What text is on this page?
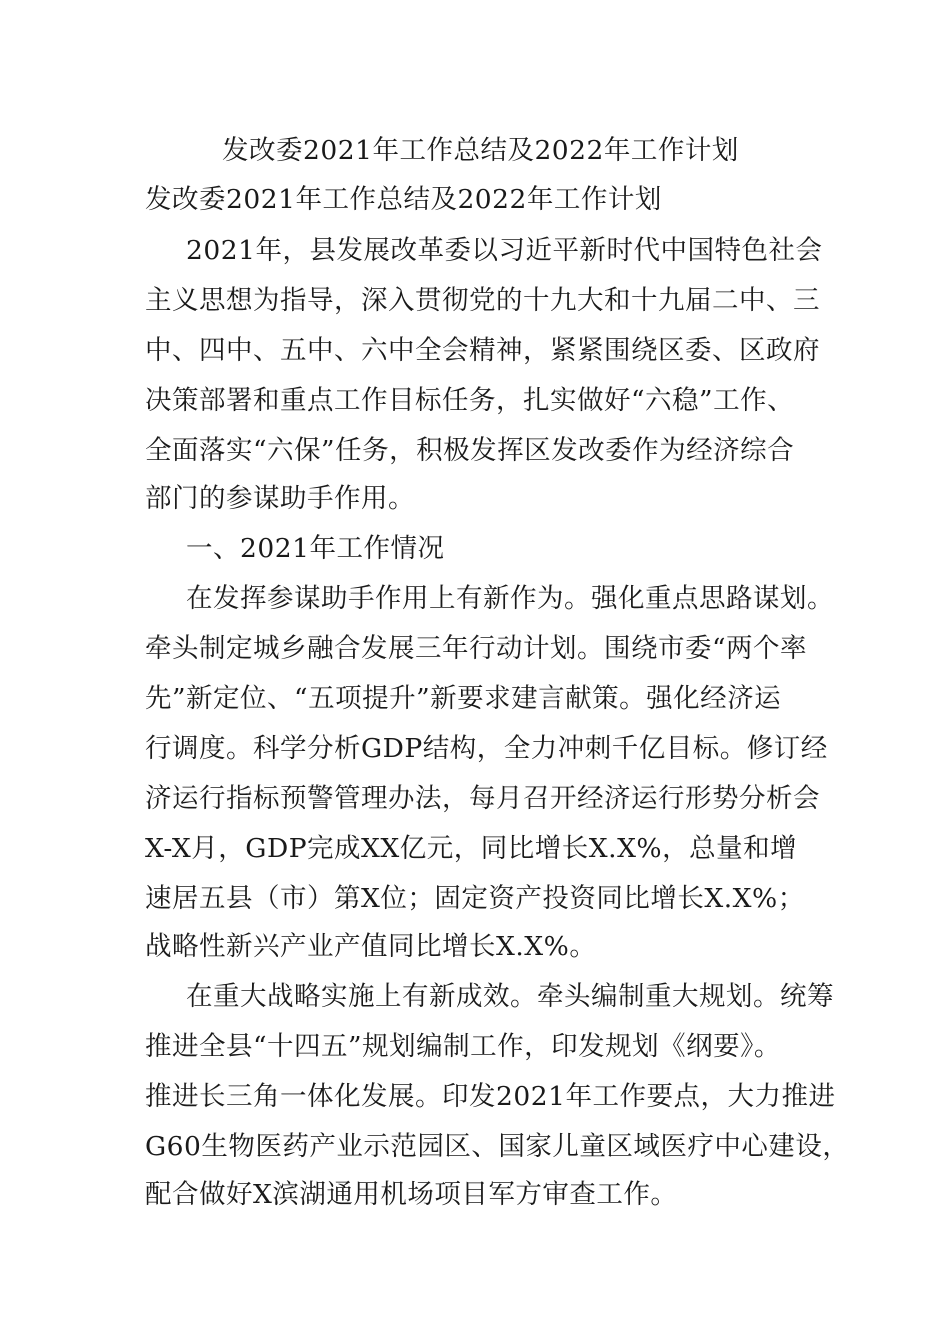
发改委2021年工作总结及2022年工作计划
发改委2021年工作总结及2022年工作计划
2021年，县发展改革委以习近平新时代中国特色社会
主义思想为指导，深入贯彻党的十九大和十九届二中、三
中、四中、五中、六中全会精神，紧紧围绕区委、区政府
决策部署和重点工作目标任务，扎实做好“六稳”工作、
全面落实“六保”任务，积极发挥区发改委作为经济综合
部门的参谋助手作用。
一、2021年工作情况
在发挥参谋助手作用上有新作为。强化重点思路谋划。
牵头制定城乡融合发展三年行动计划。围绕市委“两个率
先”新定位、“五项提升”新要求建言献策。强化经济运
行调度。科学分析GDP结构，全力冲刺千亿目标。修订经
济运行指标预警管理办法，每月召开经济运行形势分析会
X-X月，GDP完成XX亿元，同比增长X.X%，总量和增
速居五县（市）第X位；固定资产投资同比增长X.X%；
战略性新兴产业产值同比增长X.X%。
在重大战略实施上有新成效。牵头编制重大规划。统筹
推进全县“十四五”规划编制工作，印发规划《纲要》。
推进长三角一体化发展。印发2021年工作要点，大力推进
G60生物医药产业示范园区、国家儿童区域医疗中心建设，
配合做好X滨湖通用机场项目军方审查工作。
